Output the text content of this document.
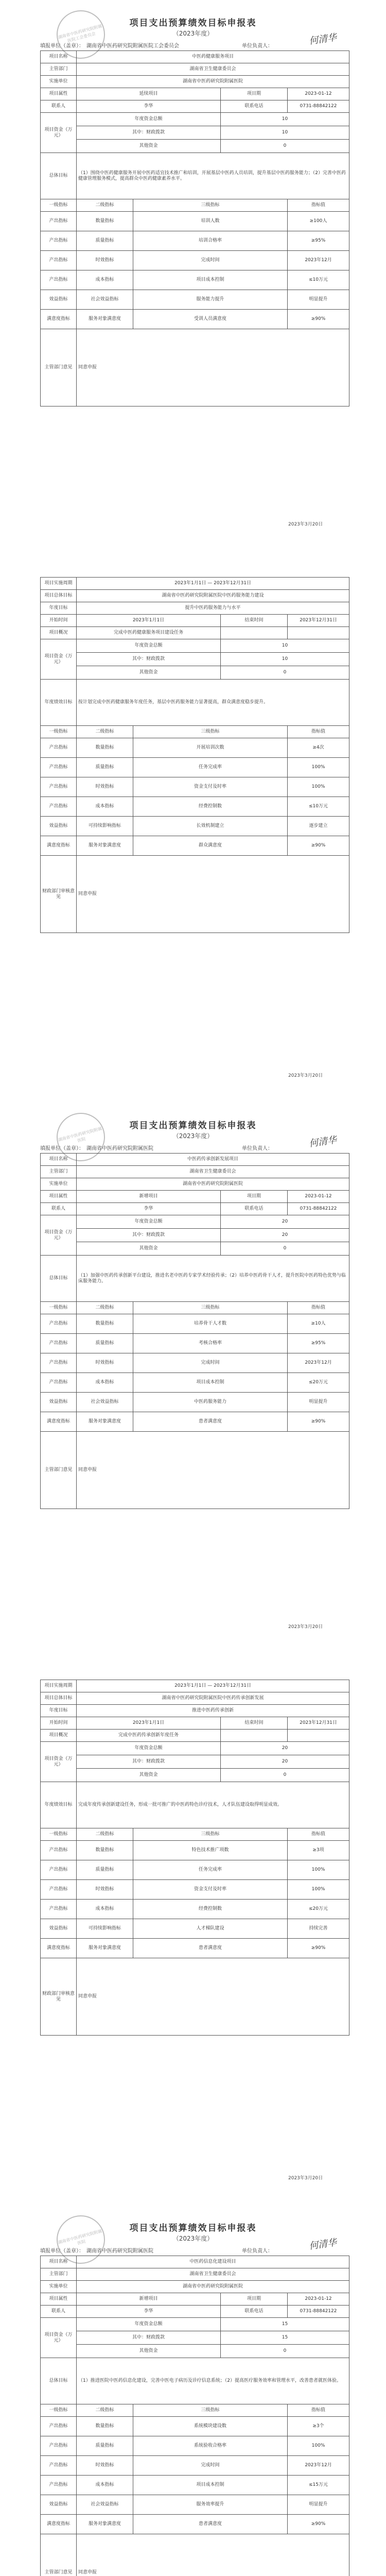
项目支出预算绩效目标申报表
（2023年度）
填报单位（盖章）： 湖南省中医药研究院附属医院工会委员会	单位负责人：	何清华
湖南省中医药研究院附属医院工会委员会
项目名称	中医药健康服务项目			
主管部门	湖南省卫生健康委员会			
实施单位	湖南省中医药研究院附属医院			
项目属性	延续项目		项目期	2023-01-12
联系人	李华		联系电话	0731-88842122
项目资金（万元）	年度资金总额		10	
	其中：财政拨款		10	
	其他资金		0	
总体目标	（1）围绕中医药健康服务开展中医药适宜技术推广和培训，开展基层中医药人员培训，提升基层中医药服务能力；（2）完善中医药健康管理服务模式，提高群众中医药健康素养水平。			
一级指标	二级指标	三级指标		指标值
产出指标	数量指标	培训人数		≥100人
产出指标	质量指标	培训合格率		≥95%
产出指标	时效指标	完成时间		2023年12月
产出指标	成本指标	项目成本控制		≤10万元
效益指标	社会效益指标	服务能力提升		明显提升
满意度指标	服务对象满意度	受训人员满意度		≥90%
主管部门意见	同意申报			
2023年3月20日
项目实施周期	2023年1月1日 — 2023年12月31日			
项目总体目标	湖南省中医药研究院附属医院中医药服务能力建设			
年度目标	提升中医药服务能力与水平			
开始时间	2023年1月1日		结束时间	2023年12月31日
项目概况	完成中医药健康服务项目建设任务			
项目资金（万元）	年度资金总额		10	
	其中：财政拨款		10	
	其他资金		0	
年度绩效目标	按计划完成中医药健康服务年度任务，基层中医药服务能力显著提高，群众满意度稳步提升。			
一级指标	二级指标	三级指标		指标值
产出指标	数量指标	开展培训次数		≥4次
产出指标	质量指标	任务完成率		100%
产出指标	时效指标	资金支付及时率		100%
产出指标	成本指标	经费控制数		≤10万元
效益指标	可持续影响指标	长效机制建立		逐步建立
满意度指标	服务对象满意度	群众满意度		≥90%
财政部门审核意见	同意申报			
2023年3月20日
项目支出预算绩效目标申报表
（2023年度）
填报单位（盖章）： 湖南省中医药研究院附属医院	单位负责人：	何清华
湖南省中医药研究院附属医院
项目名称	中医药传承创新发展项目			
主管部门	湖南省卫生健康委员会			
实施单位	湖南省中医药研究院附属医院			
项目属性	新增项目		项目期	2023-01-12
联系人	李华		联系电话	0731-88842122
项目资金（万元）	年度资金总额		20	
	其中：财政拨款		20	
	其他资金		0	
总体目标	（1）加强中医药传承创新平台建设，推进名老中医药专家学术经验传承；（2）培养中医药骨干人才，提升医院中医药特色优势与临床服务能力。			
一级指标	二级指标	三级指标		指标值
产出指标	数量指标	培养骨干人才数		≥10人
产出指标	质量指标	考核合格率		≥95%
产出指标	时效指标	完成时间		2023年12月
产出指标	成本指标	项目成本控制		≤20万元
效益指标	社会效益指标	中医药服务能力		明显提升
满意度指标	服务对象满意度	患者满意度		≥90%
主管部门意见	同意申报			
2023年3月20日
项目实施周期	2023年1月1日 — 2023年12月31日			
项目总体目标	湖南省中医药研究院附属医院中医药传承创新发展			
年度目标	推进中医药传承创新			
开始时间	2023年1月1日		结束时间	2023年12月31日
项目概况	完成中医药传承创新年度任务			
项目资金（万元）	年度资金总额		20	
	其中：财政拨款		20	
	其他资金		0	
年度绩效目标	完成年度传承创新建设任务，形成一批可推广的中医药特色诊疗技术，人才队伍建设取得明显成效。			
一级指标	二级指标	三级指标		指标值
产出指标	数量指标	特色技术推广项数		≥3项
产出指标	质量指标	任务完成率		100%
产出指标	时效指标	资金支付及时率		100%
产出指标	成本指标	经费控制数		≤20万元
效益指标	可持续影响指标	人才梯队建设		持续完善
满意度指标	服务对象满意度	患者满意度		≥90%
财政部门审核意见	同意申报			
2023年3月20日
项目支出预算绩效目标申报表
（2023年度）
填报单位（盖章）： 湖南省中医药研究院附属医院	单位负责人：	何清华
湖南省中医药研究院附属医院
项目名称	中医药信息化建设项目			
主管部门	湖南省卫生健康委员会			
实施单位	湖南省中医药研究院附属医院			
项目属性	新增项目		项目期	2023-01-12
联系人	李华		联系电话	0731-88842122
项目资金（万元）	年度资金总额		15	
	其中：财政拨款		15	
	其他资金		0	
总体目标	（1）推进医院中医药信息化建设，完善中医电子病历及诊疗信息系统；（2）提高医疗服务效率和管理水平，改善患者就医体验。			
一级指标	二级指标	三级指标		指标值
产出指标	数量指标	系统模块建设数		≥3个
产出指标	质量指标	系统验收合格率		100%
产出指标	时效指标	完成时间		2023年12月
产出指标	成本指标	项目成本控制		≤15万元
效益指标	社会效益指标	服务效率提升		明显提升
满意度指标	服务对象满意度	患者满意度		≥90%
主管部门意见	同意申报			
